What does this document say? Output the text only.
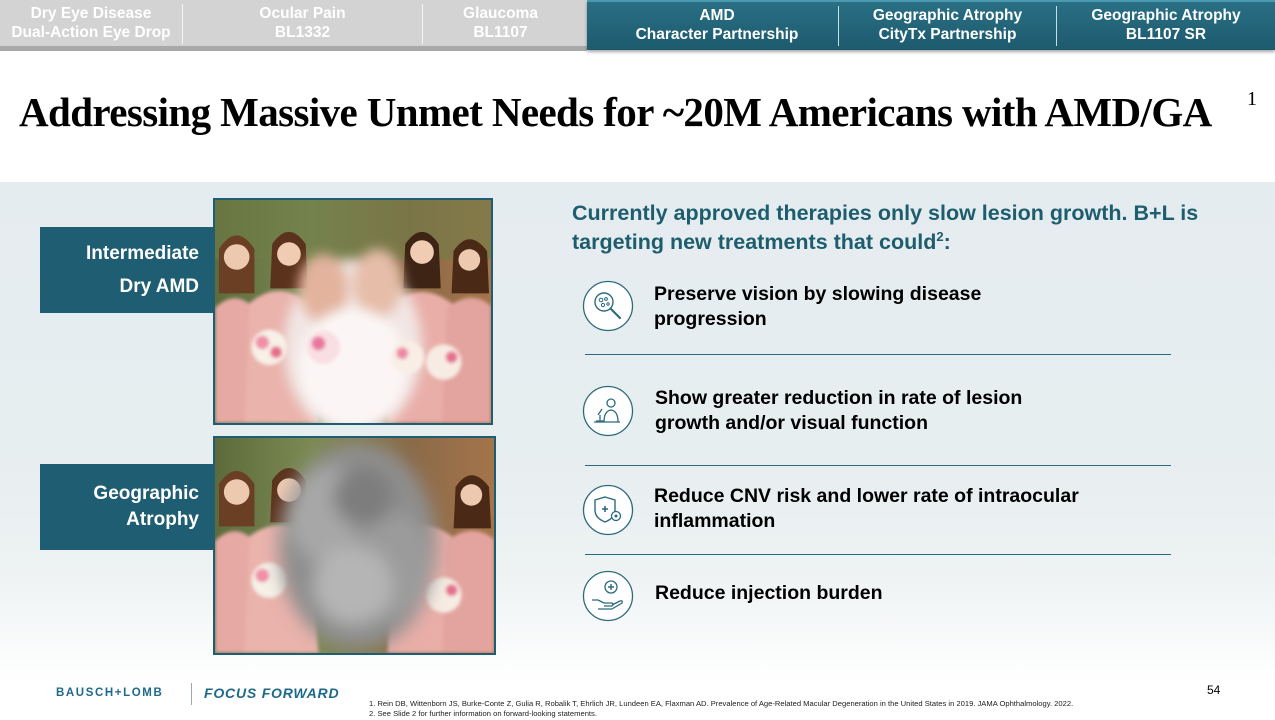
Dry Eye Disease
Dual-Action Eye Drop
Ocular Pain
BL1332
Glaucoma
BL1107
AMD
Character Partnership
Geographic Atrophy
CityTx Partnership
Geographic Atrophy
BL1107 SR
Addressing Massive Unmet Needs for ~20M Americans with AMD/GA 1
Intermediate
Dry AMD
Geographic
Atrophy
Currently approved therapies only slow lesion growth. B+L is targeting new treatments that could$^2$:
Preserve vision by slowing disease
progression
Show greater reduction in rate of lesion
growth and/or visual function
Reduce CNV risk and lower rate of intraocular
inflammation
Reduce injection burden
BAUSCH+LOMB	FOCUS FORWARD	54
1. Rein DB, Wittenborn JS, Burke-Conte Z, Gulia R, Robalik T, Ehrlich JR, Lundeen EA, Flaxman AD. Prevalence of Age-Related Macular Degeneration in the United States in 2019. JAMA Ophthalmology. 2022.
2. See Slide 2 for further information on forward-looking statements.
